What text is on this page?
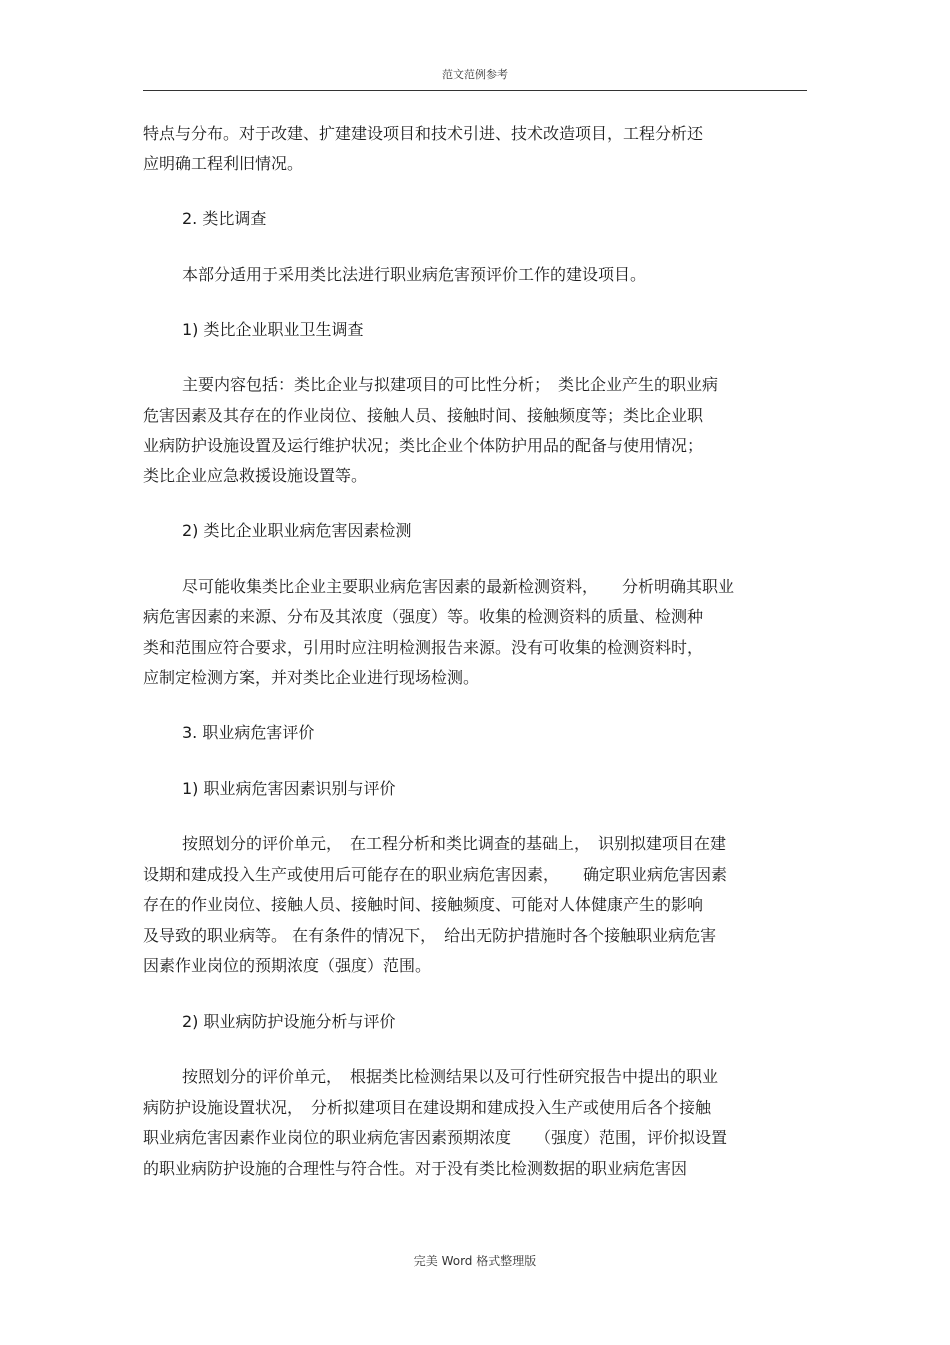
范文范例参考
特点与分布。对于改建、扩建建设项目和技术引进、技术改造项目，工程分析还
应明确工程利旧情况。
2. 类比调查
本部分适用于采用类比法进行职业病危害预评价工作的建设项目。
1) 类比企业职业卫生调查
主要内容包括：类比企业与拟建项目的可比性分析；　类比企业产生的职业病
危害因素及其存在的作业岗位、接触人员、接触时间、接触频度等；类比企业职
业病防护设施设置及运行维护状况；类比企业个体防护用品的配备与使用情况；
类比企业应急救援设施设置等。
2) 类比企业职业病危害因素检测
尽可能收集类比企业主要职业病危害因素的最新检测资料，　　分析明确其职业
病危害因素的来源、分布及其浓度（强度）等。收集的检测资料的质量、检测种
类和范围应符合要求，引用时应注明检测报告来源。没有可收集的检测资料时，
应制定检测方案，并对类比企业进行现场检测。
3. 职业病危害评价
1) 职业病危害因素识别与评价
按照划分的评价单元，　在工程分析和类比调查的基础上，　识别拟建项目在建
设期和建成投入生产或使用后可能存在的职业病危害因素，　　确定职业病危害因素
存在的作业岗位、接触人员、接触时间、接触频度、可能对人体健康产生的影响
及导致的职业病等。 在有条件的情况下，　给出无防护措施时各个接触职业病危害
因素作业岗位的预期浓度（强度）范围。
2) 职业病防护设施分析与评价
按照划分的评价单元，　根据类比检测结果以及可行性研究报告中提出的职业
病防护设施设置状况，　分析拟建项目在建设期和建成投入生产或使用后各个接触
职业病危害因素作业岗位的职业病危害因素预期浓度　　（强度）范围，评价拟设置
的职业病防护设施的合理性与符合性。对于没有类比检测数据的职业病危害因
完美 Word 格式整理版
